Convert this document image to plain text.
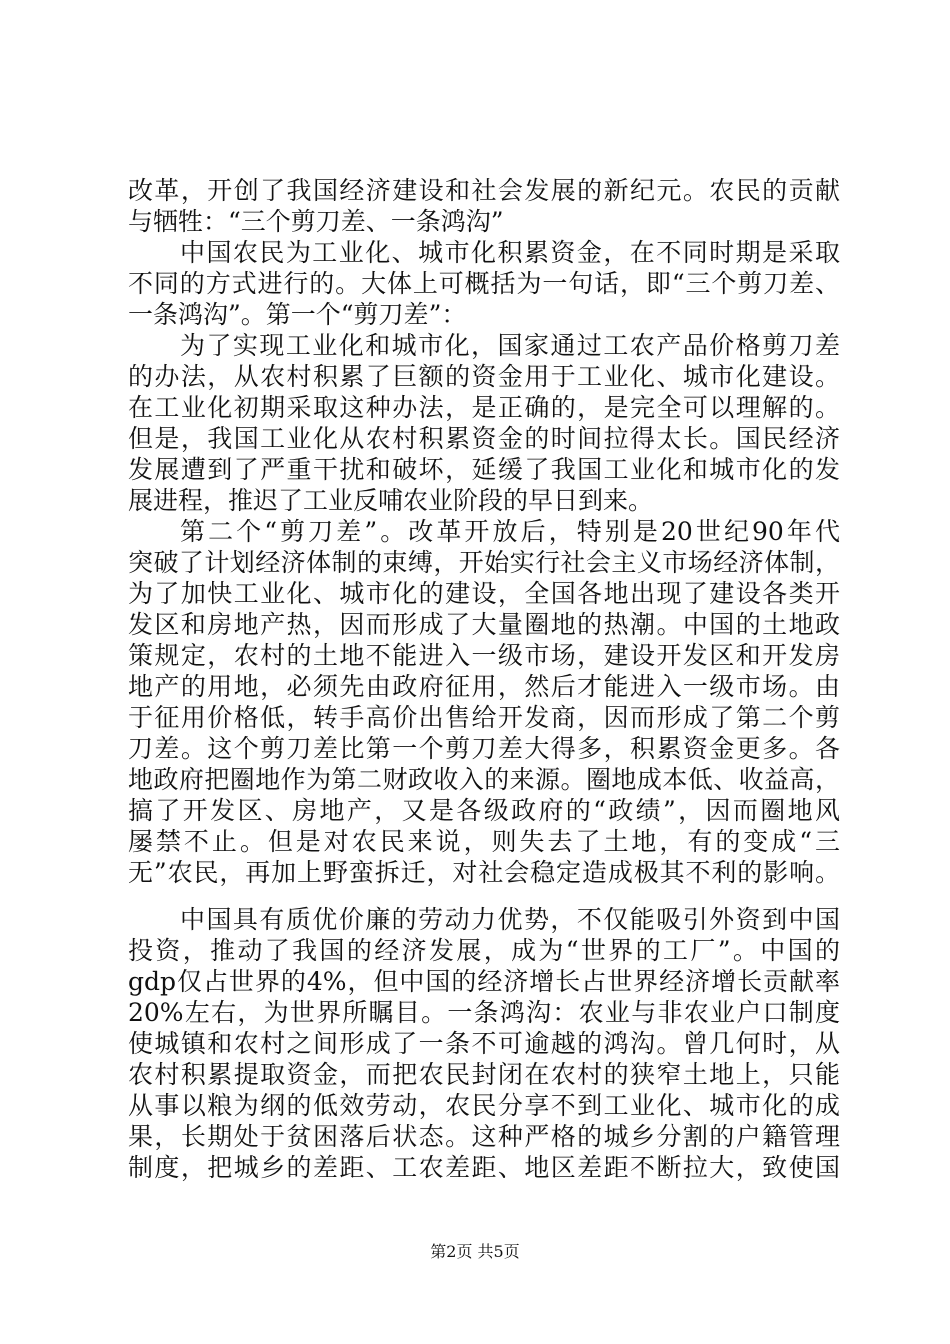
改革，开创了我国经济建设和社会发展的新纪元。农民的贡献
与牺牲：“三个剪刀差、一条鸿沟”
中国农民为工业化、城市化积累资金，在不同时期是采取
不同的方式进行的。大体上可概括为一句话，即“三个剪刀差、
一条鸿沟”。第一个“剪刀差”：
为了实现工业化和城市化，国家通过工农产品价格剪刀差
的办法，从农村积累了巨额的资金用于工业化、城市化建设。
在工业化初期采取这种办法，是正确的，是完全可以理解的。
但是，我国工业化从农村积累资金的时间拉得太长。国民经济
发展遭到了严重干扰和破坏，延缓了我国工业化和城市化的发
展进程，推迟了工业反哺农业阶段的早日到来。
第二个“剪刀差”。改革开放后，特别是20世纪90年代
突破了计划经济体制的束缚，开始实行社会主义市场经济体制，
为了加快工业化、城市化的建设，全国各地出现了建设各类开
发区和房地产热，因而形成了大量圈地的热潮。中国的土地政
策规定，农村的土地不能进入一级市场，建设开发区和开发房
地产的用地，必须先由政府征用，然后才能进入一级市场。由
于征用价格低，转手高价出售给开发商，因而形成了第二个剪
刀差。这个剪刀差比第一个剪刀差大得多，积累资金更多。各
地政府把圈地作为第二财政收入的来源。圈地成本低、收益高，
搞了开发区、房地产，又是各级政府的“政绩”，因而圈地风
屡禁不止。但是对农民来说，则失去了土地，有的变成“三
无”农民，再加上野蛮拆迁，对社会稳定造成极其不利的影响。
中国具有质优价廉的劳动力优势，不仅能吸引外资到中国
投资，推动了我国的经济发展，成为“世界的工厂”。中国的
gdp仅占世界的4%，但中国的经济增长占世界经济增长贡献率
20%左右，为世界所瞩目。一条鸿沟：农业与非农业户口制度
使城镇和农村之间形成了一条不可逾越的鸿沟。曾几何时，从
农村积累提取资金，而把农民封闭在农村的狭窄土地上，只能
从事以粮为纲的低效劳动，农民分享不到工业化、城市化的成
果，长期处于贫困落后状态。这种严格的城乡分割的户籍管理
制度，把城乡的差距、工农差距、地区差距不断拉大，致使国
第2页 共5页
